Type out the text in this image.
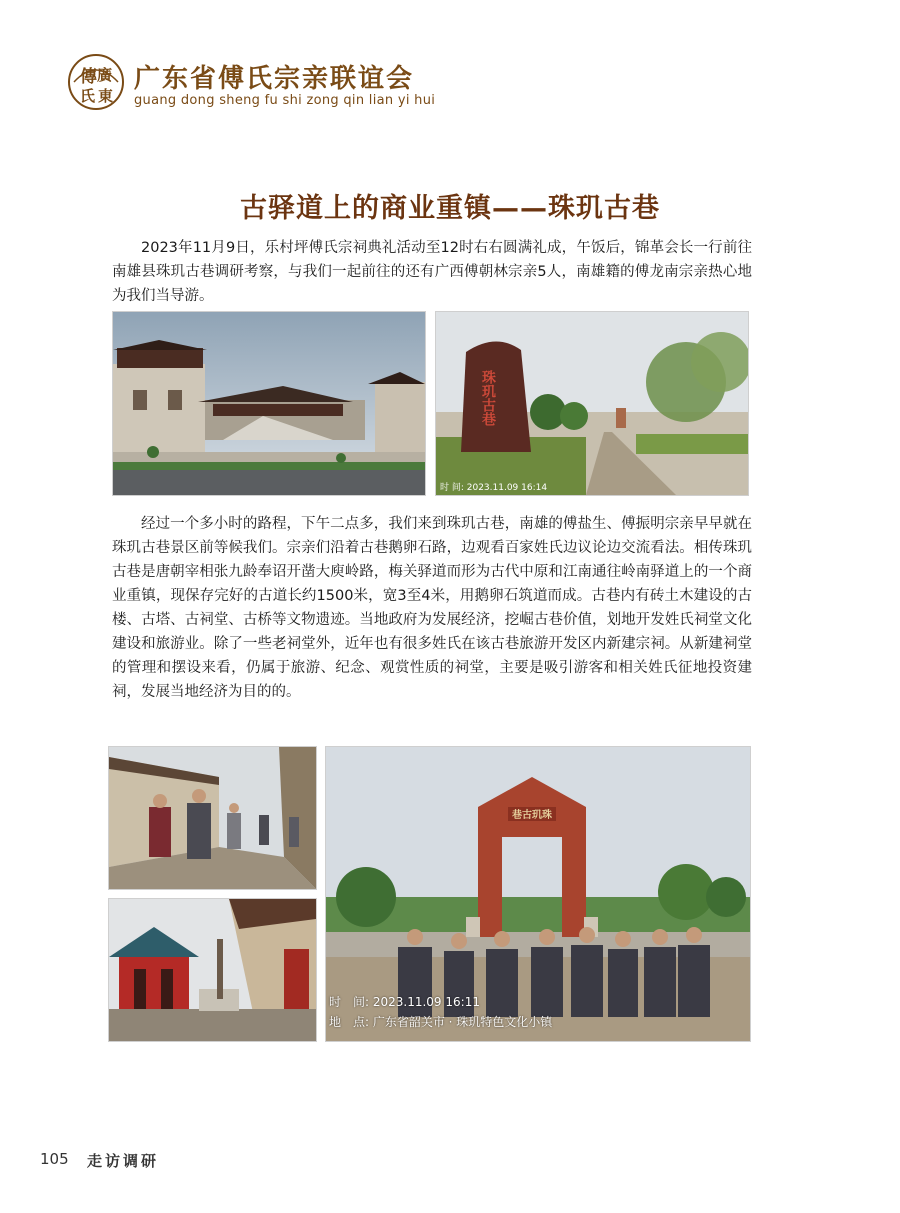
傳 廣
氏 東
广东省傅氏宗亲联谊会
guang dong sheng fu shi zong qin lian yi hui
古驿道上的商业重镇——珠玑古巷

2023年11月9日，乐村坪傅氏宗祠典礼活动至12时右右圆满礼成，午饭后，锦革会长一行前往南雄县珠玑古巷调研考察，与我们一起前往的还有广西傅朝林宗亲5人，南雄籍的傅龙南宗亲热心地为我们当导游。

珠玑古巷
时 间: 2023.11.09 16:14

经过一个多小时的路程，下午二点多，我们来到珠玑古巷，南雄的傅盐生、傅振明宗亲早早就在珠玑古巷景区前等候我们。宗亲们沿着古巷鹅卵石路，边观看百家姓氏边议论边交流看法。相传珠玑古巷是唐朝宰相张九龄奉诏开凿大庾岭路，梅关驿道而形为古代中原和江南通往岭南驿道上的一个商业重镇，现保存完好的古道长约1500米，宽3至4米，用鹅卵石筑道而成。古巷内有砖土木建设的古楼、古塔、古祠堂、古桥等文物遗迹。当地政府为发展经济，挖崛古巷价值，划地开发姓氏祠堂文化建设和旅游业。除了一些老祠堂外，近年也有很多姓氏在该古巷旅游开发区内新建宗祠。从新建祠堂的管理和摆设来看，仍属于旅游、纪念、观赏性质的祠堂，主要是吸引游客和相关姓氏征地投资建祠，发展当地经济为目的的。

巷古玑珠
时　间: 2023.11.09 16:11
地　点: 广东省韶关市 · 珠玑特色文化小镇
105 走访调研
